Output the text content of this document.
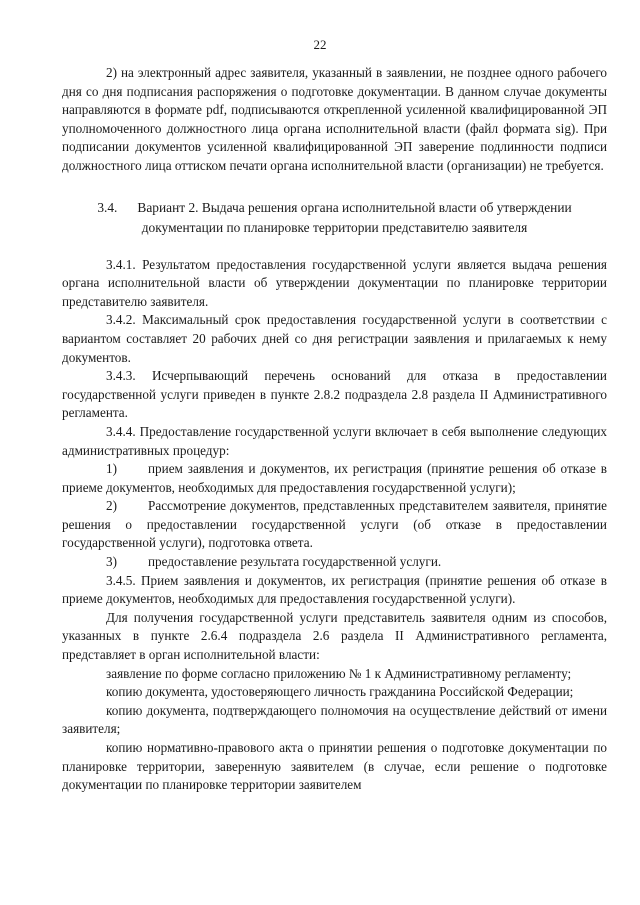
22

2) на электронный адрес заявителя, указанный в заявлении, не позднее одного рабочего дня со дня подписания распоряжения о подготовке документации. В данном случае документы направляются в формате pdf, подписываются открепленной усиленной квалифицированной ЭП уполномоченного должностного лица органа исполнительной власти (файл формата sig). При подписании документов усиленной квалифицированной ЭП заверение подлинности подписи должностного лица оттиском печати органа исполнительной власти (организации) не требуется.

3.4. Вариант 2. Выдача решения органа исполнительной власти об утверждении документации по планировке территории представителю заявителя

3.4.1. Результатом предоставления государственной услуги является выдача решения органа исполнительной власти об утверждении документации по планировке территории представителю заявителя.

3.4.2. Максимальный срок предоставления государственной услуги в соответствии с вариантом составляет 20 рабочих дней со дня регистрации заявления и прилагаемых к нему документов.

3.4.3. Исчерпывающий перечень оснований для отказа в предоставлении государственной услуги приведен в пункте 2.8.2 подраздела 2.8 раздела II Административного регламента.

3.4.4. Предоставление государственной услуги включает в себя выполнение следующих административных процедур:

1) прием заявления и документов, их регистрация (принятие решения об отказе в приеме документов, необходимых для предоставления государственной услуги);

2) Рассмотрение документов, представленных представителем заявителя, принятие решения о предоставлении государственной услуги (об отказе в предоставлении государственной услуги), подготовка ответа.

3) предоставление результата государственной услуги.

3.4.5. Прием заявления и документов, их регистрация (принятие решения об отказе в приеме документов, необходимых для предоставления государственной услуги).

Для получения государственной услуги представитель заявителя одним из способов, указанных в пункте 2.6.4 подраздела 2.6 раздела II Административного регламента, представляет в орган исполнительной власти:

заявление по форме согласно приложению № 1 к Административному регламенту;

копию документа, удостоверяющего личность гражданина Российской Федерации;

копию документа, подтверждающего полномочия на осуществление действий от имени заявителя;

копию нормативно-правового акта о принятии решения о подготовке документации по планировке территории, заверенную заявителем (в случае, если решение о подготовке документации по планировке территории заявителем
